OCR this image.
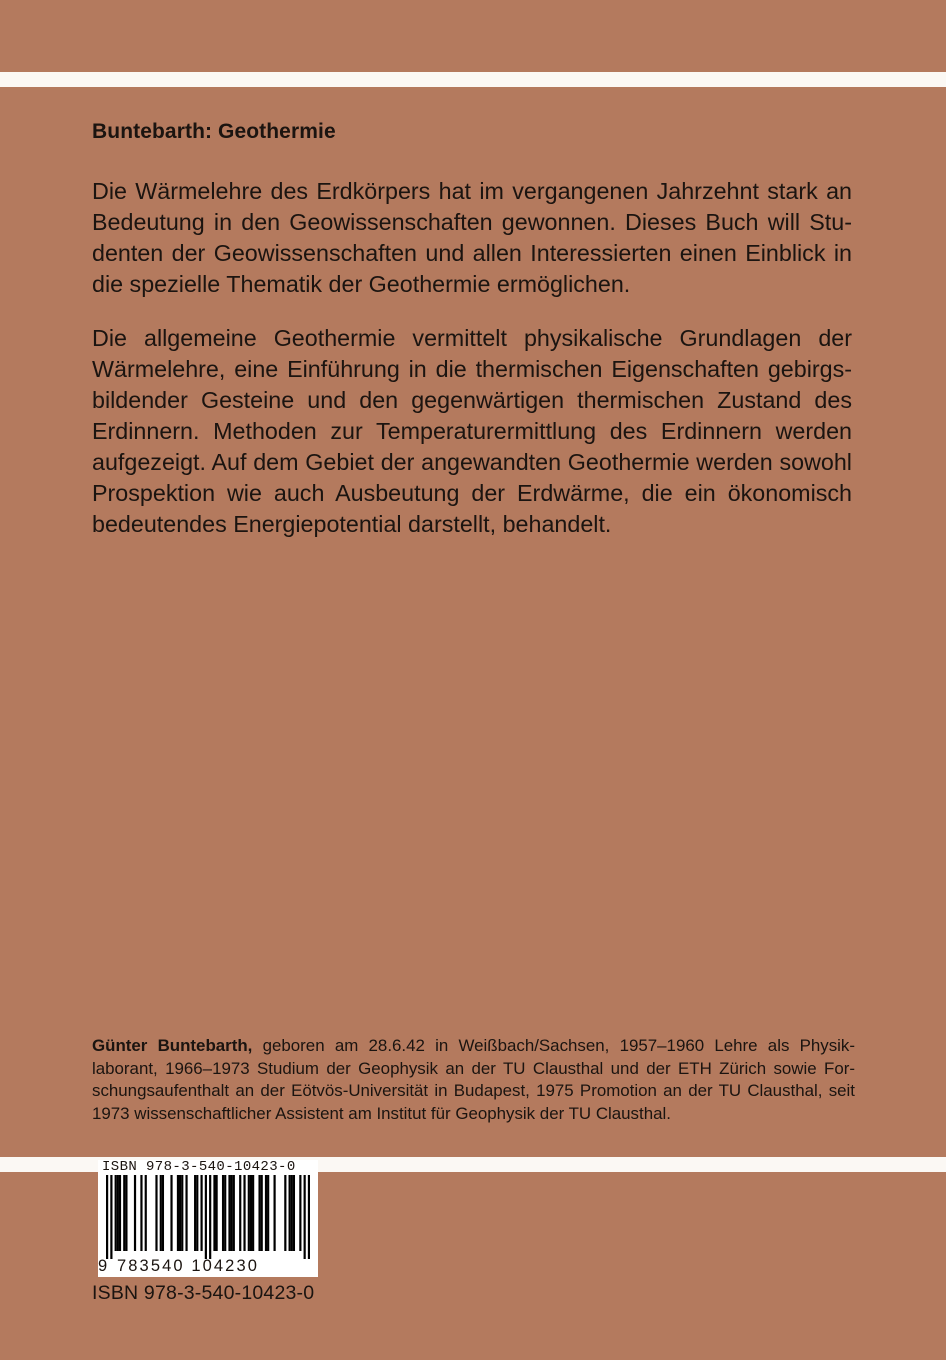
Buntebarth: Geothermie

Die Wärmelehre des Erdkörpers hat im vergangenen Jahrzehnt stark an Bedeutung in den Geowissenschaften gewonnen. Dieses Buch will Studenten der Geowissenschaften und allen Interessierten einen Einblick in die spezielle Thematik der Geothermie ermöglichen.

Die allgemeine Geothermie vermittelt physikalische Grundlagen der Wärmelehre, eine Einführung in die thermischen Eigenschaften gebirgsbildender Gesteine und den gegenwärtigen thermischen Zustand des Erdinnern. Methoden zur Temperaturermittlung des Erdinnern werden aufgezeigt. Auf dem Gebiet der angewandten Geothermie werden sowohl Prospektion wie auch Ausbeutung der Erdwärme, die ein ökonomisch bedeutendes Energiepotential darstellt, behandelt.

Günter Buntebarth, geboren am 28.6.42 in Weißbach/Sachsen, 1957–1960 Lehre als Physiklaborant, 1966–1973 Studium der Geophysik an der TU Clausthal und der ETH Zürich sowie Forschungsaufenthalt an der Eötvös-Universität in Budapest, 1975 Promotion an der TU Clausthal, seit 1973 wissenschaftlicher Assistent am Institut für Geophysik der TU Clausthal.

ISBN 978-3-540-10423-0
9 783540 104230
ISBN 978-3-540-10423-0
